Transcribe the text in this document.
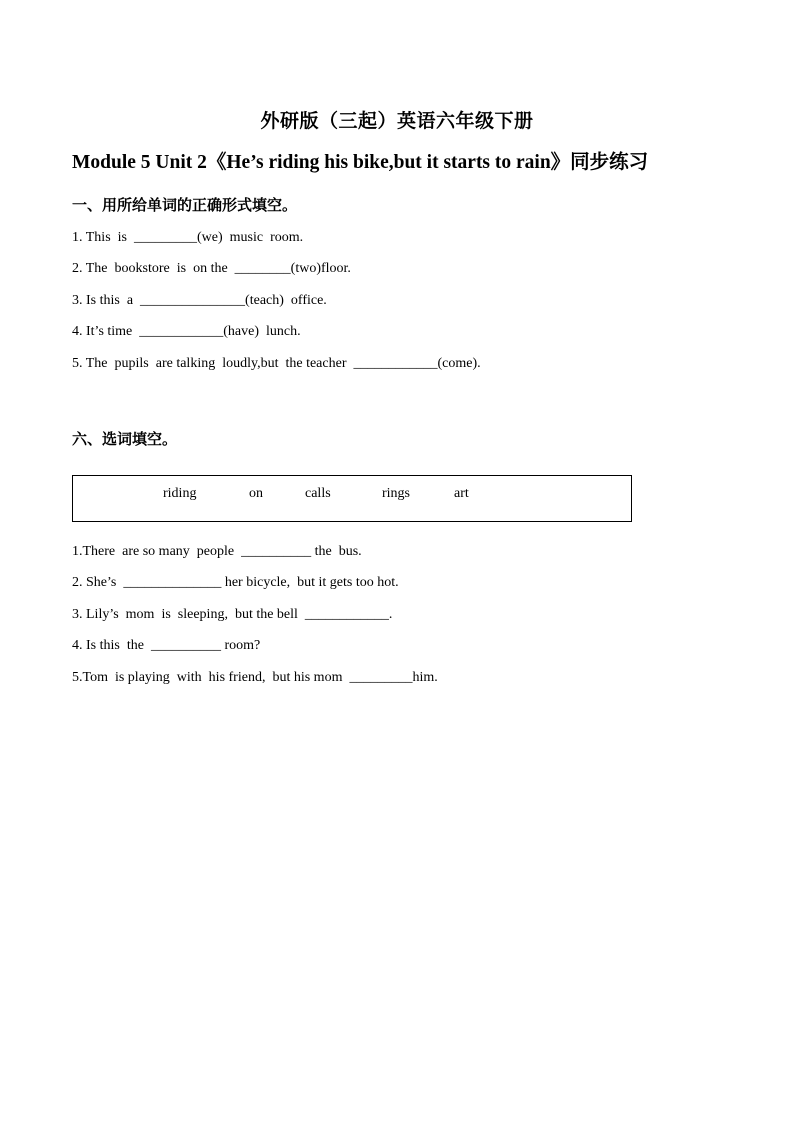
外研版（三起）英语六年级下册
Module 5 Unit 2《He’s riding his bike,but it starts to rain》同步练习
一、用所给单词的正确形式填空。
1. This  is  _________(we)  music  room.
2. The  bookstore  is  on the  ________(two)floor.
3. Is this  a  _______________(teach)  office.
4. It’s time  ____________(have)  lunch.
5. The  pupils  are talking  loudly,but  the teacher  ____________(come).
六、选词填空。
riding	on	calls	rings	art
1.There  are so many  people  __________ the  bus.
2. She’s  ______________ her bicycle,  but it gets too hot.
3. Lily’s  mom  is  sleeping,  but the bell  ____________.
4. Is this  the  __________ room?
5.Tom  is playing  with  his friend,  but his mom  _________him.
